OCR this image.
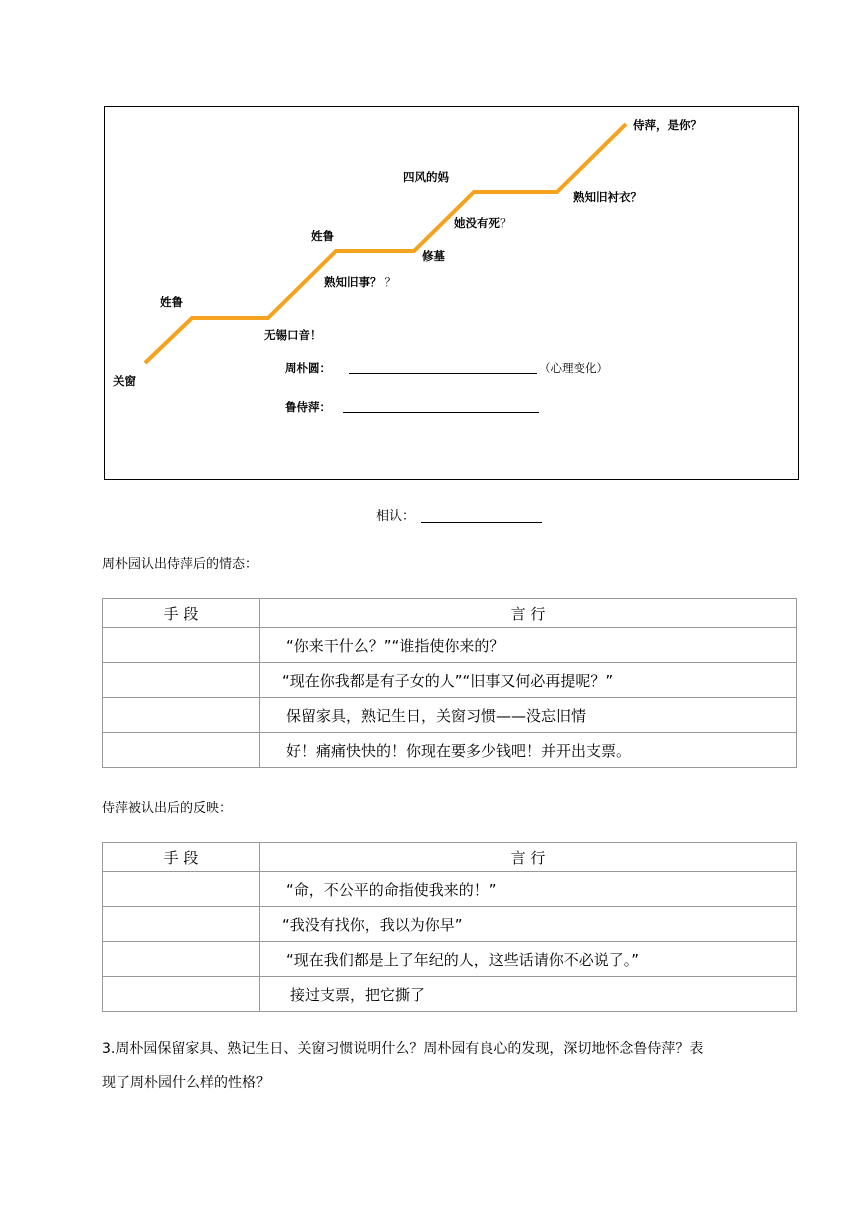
关窗
姓鲁
无锡口音！
姓鲁
熟知旧事？ ？
修墓
她没有死？
四风的妈
熟知旧衬衣？
侍萍，是你？
周朴圆：	（心理变化）
鲁侍萍：
相认：
周朴园认出侍萍后的情态：
手 段	言 行
	“你来干什么？”“谁指使你来的？
	“现在你我都是有子女的人”“旧事又何必再提呢？”
	保留家具，熟记生日，关窗习惯——没忘旧情
	好！痛痛快快的！你现在要多少钱吧！并开出支票。
侍萍被认出后的反映：
手 段	言 行
	“命，不公平的命指使我来的！”
	“我没有找你，我以为你早”
	“现在我们都是上了年纪的人，这些话请你不必说了。”
	接过支票，把它撕了
3.周朴园保留家具、熟记生日、关窗习惯说明什么？周朴园有良心的发现，深切地怀念鲁侍萍？表
现了周朴园什么样的性格？
